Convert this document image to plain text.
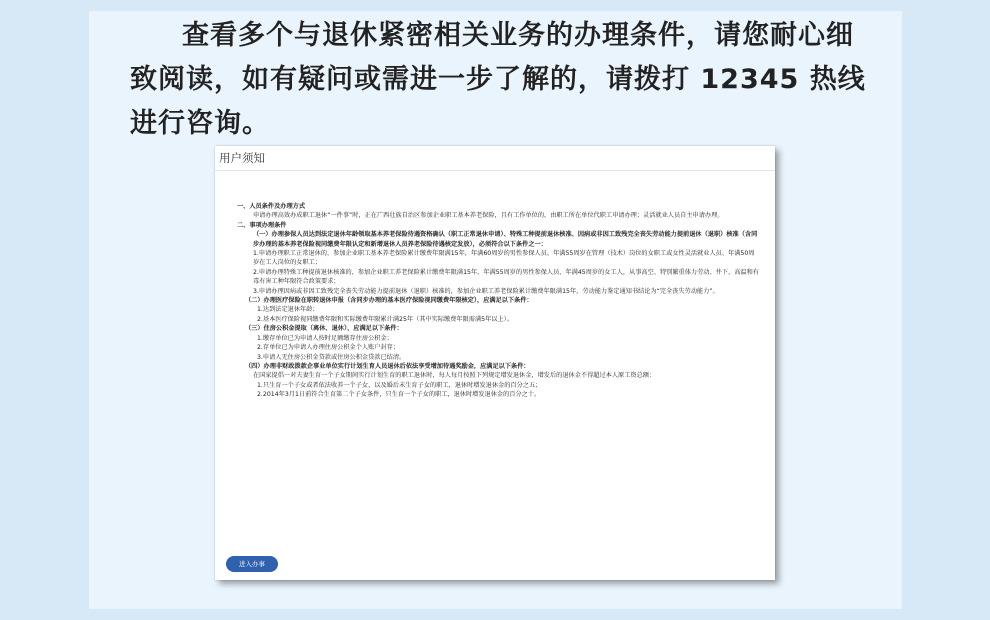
查看多个与退休紧密相关业务的办理条件，请您耐心细致阅读，如有疑问或需进一步了解的，请拨打 12345 热线进行咨询。
用户须知

一、人员条件及办理方式

申请办理高效办成职工退休“一件事”时，正在广西壮族自治区参加企业职工基本养老保险，且有工作单位的，由职工所在单位代职工申请办理；灵活就业人员自主申请办理。

二、事项办理条件

（一）办理参保人员达到法定退休年龄领取基本养老保险待遇资格确认（职工正常退休申请）、特殊工种提前退休核准、因病或非因工致残完全丧失劳动能力提前退休（退职）核准（含同步办理的基本养老保险视同缴费年限认定和新增退休人员养老保险待遇核定发放），必须符合以下条件之一：

1.申请办理职工正常退休的，参加企业职工基本养老保险累计缴费年限满15年，年满60周岁的男性参保人员、年满55周岁在管理（技术）岗位的女职工或女性灵活就业人员、年满50周岁在工人岗位的女职工；

2.申请办理特殊工种提前退休核准的，参加企业职工养老保险累计缴费年限满15年，年满55周岁的男性参保人员、年满45周岁的女工人，从事高空、特别繁重体力劳动、井下、高温和有毒有害工种年限符合政策要求；

3.申请办理因病或非因工致残完全丧失劳动能力提前退休（退职）核准的，参加企业职工养老保险累计缴费年限满15年，劳动能力鉴定通知书结论为“完全丧失劳动能力”。

（二）办理医疗保险在职转退休申报（含同步办理的基本医疗保险视同缴费年限核定），应满足以下条件：

1.达到法定退休年龄；

2.基本医疗保险视同缴费年限和实际缴费年限累计满25年（其中实际缴费年限需满5年以上）。

（三）住房公积金提取（离休、退休），应满足以下条件：

1.缴存单位已为申请人按时足额缴存住房公积金；

2.存单位已为申请人办理住房公积金个人账户封存；

3.申请人无住房公积金贷款或住房公积金贷款已结清。

（四）办理非财政拨款企事业单位实行计划生育人员退休后依法享受增加待遇奖励金，应满足以下条件：

在国家提倡一对夫妻生育一个子女期间实行计划生育的职工退休时，每人每月按照下列规定增发退休金，增发后的退休金不得超过本人原工资总额：

1.只生育一个子女或者依法收养一个子女，以及婚后未生育子女的职工，退休时增发退休金的百分之五；

2.2014年3月1日前符合生育第二个子女条件，只生育一个子女的职工，退休时增发退休金的百分之十。

进入办事
